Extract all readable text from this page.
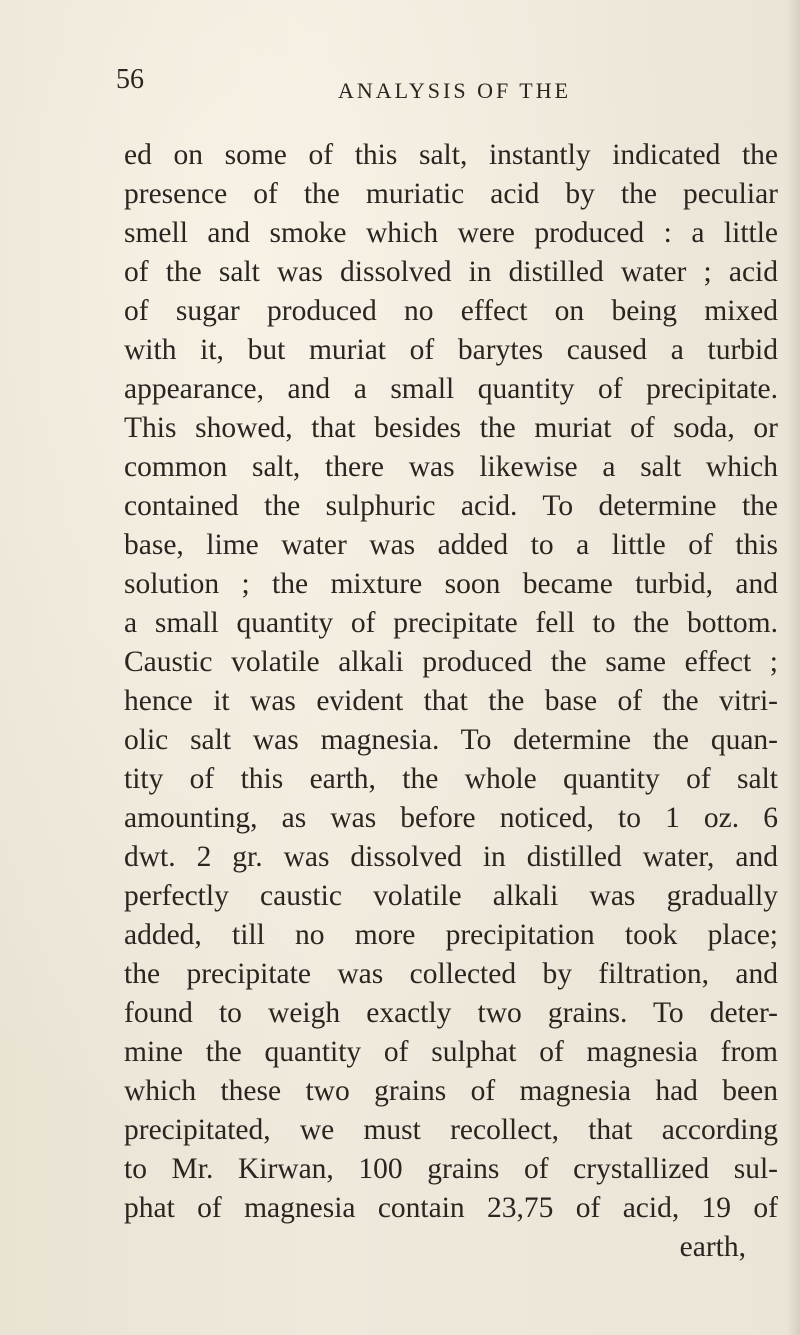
56	ANALYSIS OF THE
ed on some of this salt, instantly indicated the
presence of the muriatic acid by the peculiar
smell and smoke which were produced : a little
of the salt was dissolved in distilled water ; acid
of sugar produced no effect on being mixed
with it, but muriat of barytes caused a turbid
appearance, and a small quantity of precipitate.
This showed, that besides the muriat of soda, or
common salt, there was likewise a salt which
contained the sulphuric acid. To determine the
base, lime water was added to a little of this
solution ; the mixture soon became turbid, and
a small quantity of precipitate fell to the bottom.
Caustic volatile alkali produced the same effect ;
hence it was evident that the base of the vitri-
olic salt was magnesia. To determine the quan-
tity of this earth, the whole quantity of salt
amounting, as was before noticed, to 1 oz. 6
dwt. 2 gr. was dissolved in distilled water, and
perfectly caustic volatile alkali was gradually
added, till no more precipitation took place;
the precipitate was collected by filtration, and
found to weigh exactly two grains. To deter-
mine the quantity of sulphat of magnesia from
which these two grains of magnesia had been
precipitated, we must recollect, that according
to Mr. Kirwan, 100 grains of crystallized sul-
phat of magnesia contain 23,75 of acid, 19 of
earth,
